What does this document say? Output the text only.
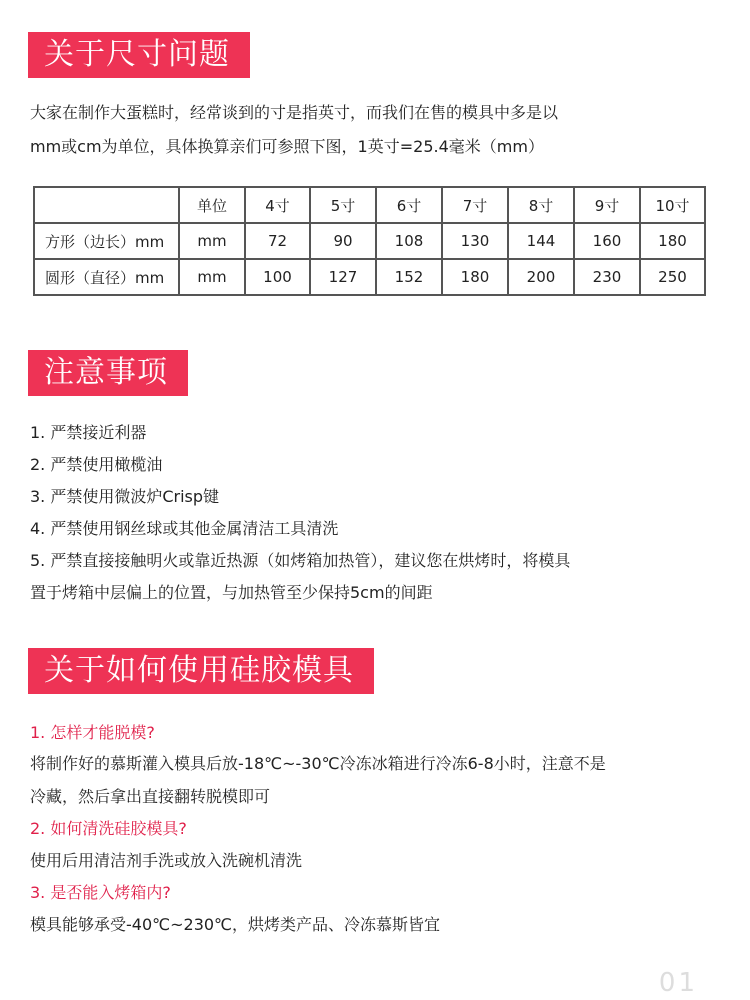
关于尺寸问题
大家在制作大蛋糕时，经常谈到的寸是指英寸，而我们在售的模具中多是以
mm或cm为单位，具体换算亲们可参照下图，1英寸=25.4毫米（mm）
	单位	4寸	5寸	6寸	7寸	8寸	9寸	10寸
方形（边长）mm	mm	72	90	108	130	144	160	180
圆形（直径）mm	mm	100	127	152	180	200	230	250
注意事项
1. 严禁接近利器
2. 严禁使用橄榄油
3. 严禁使用微波炉Crisp键
4. 严禁使用钢丝球或其他金属清洁工具清洗
5. 严禁直接接触明火或靠近热源（如烤箱加热管），建议您在烘烤时，将模具
置于烤箱中层偏上的位置，与加热管至少保持5cm的间距
关于如何使用硅胶模具
1. 怎样才能脱模?
将制作好的慕斯灌入模具后放-18℃~-30℃冷冻冰箱进行冷冻6-8小时，注意不是
冷藏，然后拿出直接翻转脱模即可
2. 如何清洗硅胶模具?
使用后用清洁剂手洗或放入洗碗机清洗
3. 是否能入烤箱内?
模具能够承受-40℃~230℃，烘烤类产品、冷冻慕斯皆宜
01
